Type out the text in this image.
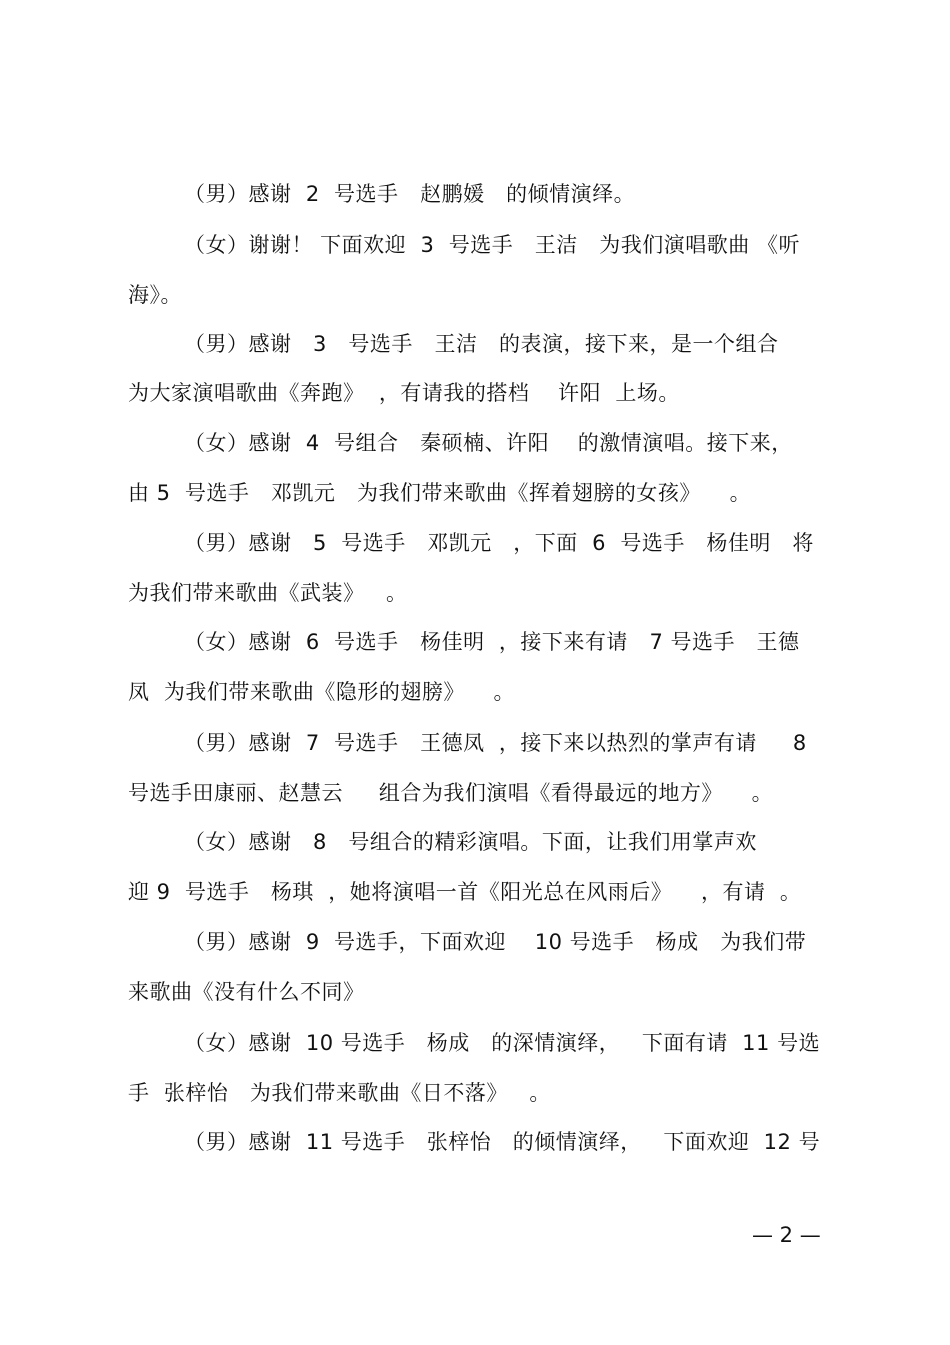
（男）感谢  2  号选手   赵鹏媛   的倾情演绎。
（女）谢谢！ 下面欢迎  3  号选手   王洁   为我们演唱歌曲 《听
海》。
（男）感谢   3   号选手   王洁   的表演，接下来，是一个组合
为大家演唱歌曲《奔跑》  ，有请我的搭档    许阳  上场。
（女）感谢  4  号组合   秦硕楠、许阳    的激情演唱。接下来，
由 5  号选手   邓凯元   为我们带来歌曲《挥着翅膀的女孩》    。
（男）感谢   5  号选手   邓凯元   ，下面  6  号选手   杨佳明   将
为我们带来歌曲《武装》   。
（女）感谢  6  号选手   杨佳明  ，接下来有请   7 号选手   王德
凤  为我们带来歌曲《隐形的翅膀》    。
（男）感谢  7  号选手   王德凤  ，接下来以热烈的掌声有请     8
号选手田康丽、赵慧云     组合为我们演唱《看得最远的地方》    。
（女）感谢   8   号组合的精彩演唱。下面，让我们用掌声欢
迎 9  号选手   杨琪  ，她将演唱一首《阳光总在风雨后》    ，有请  。
（男）感谢  9  号选手，下面欢迎    10 号选手   杨成   为我们带
来歌曲《没有什么不同》
（女）感谢  10 号选手   杨成   的深情演绎，   下面有请  11 号选
手  张梓怡   为我们带来歌曲《日不落》   。
（男）感谢  11 号选手   张梓怡   的倾情演绎，   下面欢迎  12 号
— 2 —
